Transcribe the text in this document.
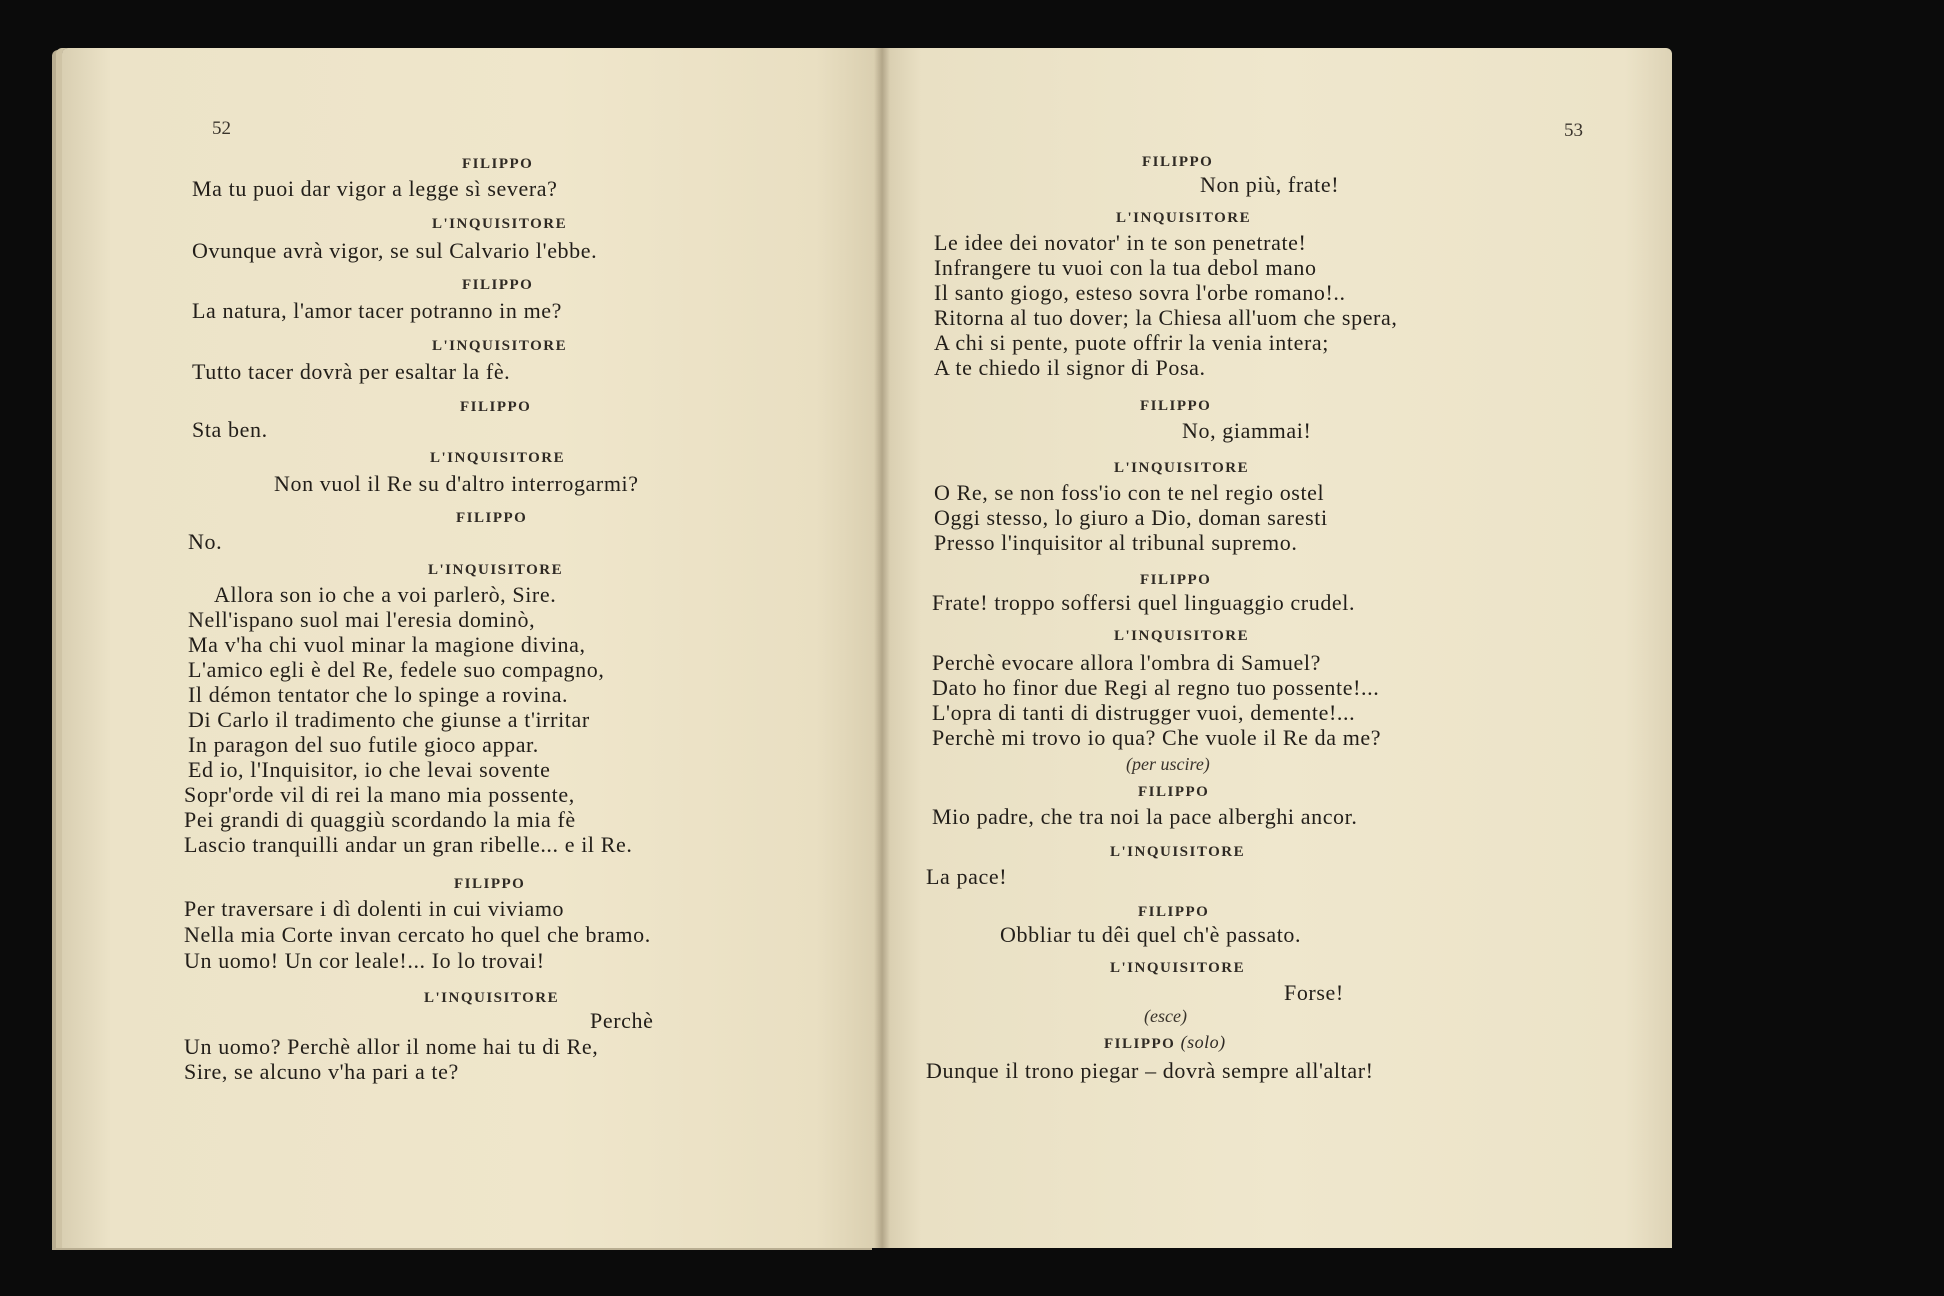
52
FILIPPO
Ma tu puoi dar vigor a legge sì severa?
L'INQUISITORE
Ovunque avrà vigor, se sul Calvario l'ebbe.
FILIPPO
La natura, l'amor tacer potranno in me?
L'INQUISITORE
Tutto tacer dovrà per esaltar la fè.
FILIPPO
Sta ben.
L'INQUISITORE
Non vuol il Re su d'altro interrogarmi?
FILIPPO
No.
L'INQUISITORE
Allora son io che a voi parlerò, Sire.
Nell'ispano suol mai l'eresia dominò,
Ma v'ha chi vuol minar la magione divina,
L'amico egli è del Re, fedele suo compagno,
Il démon tentator che lo spinge a rovina.
Di Carlo il tradimento che giunse a t'irritar
In paragon del suo futile gioco appar.
Ed io, l'Inquisitor, io che levai sovente
Sopr'orde vil di rei la mano mia possente,
Pei grandi di quaggiù scordando la mia fè
Lascio tranquilli andar un gran ribelle... e il Re.
FILIPPO
Per traversare i dì dolenti in cui viviamo
Nella mia Corte invan cercato ho quel che bramo.
Un uomo! Un cor leale!... Io lo trovai!
L'INQUISITORE
Perchè
Un uomo? Perchè allor il nome hai tu di Re,
Sire, se alcuno v'ha pari a te?
53
FILIPPO
Non più, frate!
L'INQUISITORE
Le idee dei novator' in te son penetrate!
Infrangere tu vuoi con la tua debol mano
Il santo giogo, esteso sovra l'orbe romano!..
Ritorna al tuo dover; la Chiesa all'uom che spera,
A chi si pente, puote offrir la venia intera;
A te chiedo il signor di Posa.
FILIPPO
No, giammai!
L'INQUISITORE
O Re, se non foss'io con te nel regio ostel
Oggi stesso, lo giuro a Dio, doman saresti
Presso l'inquisitor al tribunal supremo.
FILIPPO
Frate! troppo soffersi quel linguaggio crudel.
L'INQUISITORE
Perchè evocare allora l'ombra di Samuel?
Dato ho finor due Regi al regno tuo possente!...
L'opra di tanti di distrugger vuoi, demente!...
Perchè mi trovo io qua? Che vuole il Re da me?
(per uscire)
FILIPPO
Mio padre, che tra noi la pace alberghi ancor.
L'INQUISITORE
La pace!
FILIPPO
Obbliar tu dêi quel ch'è passato.
L'INQUISITORE
Forse!
(esce)
FILIPPO (solo)
Dunque il trono piegar – dovrà sempre all'altar!
